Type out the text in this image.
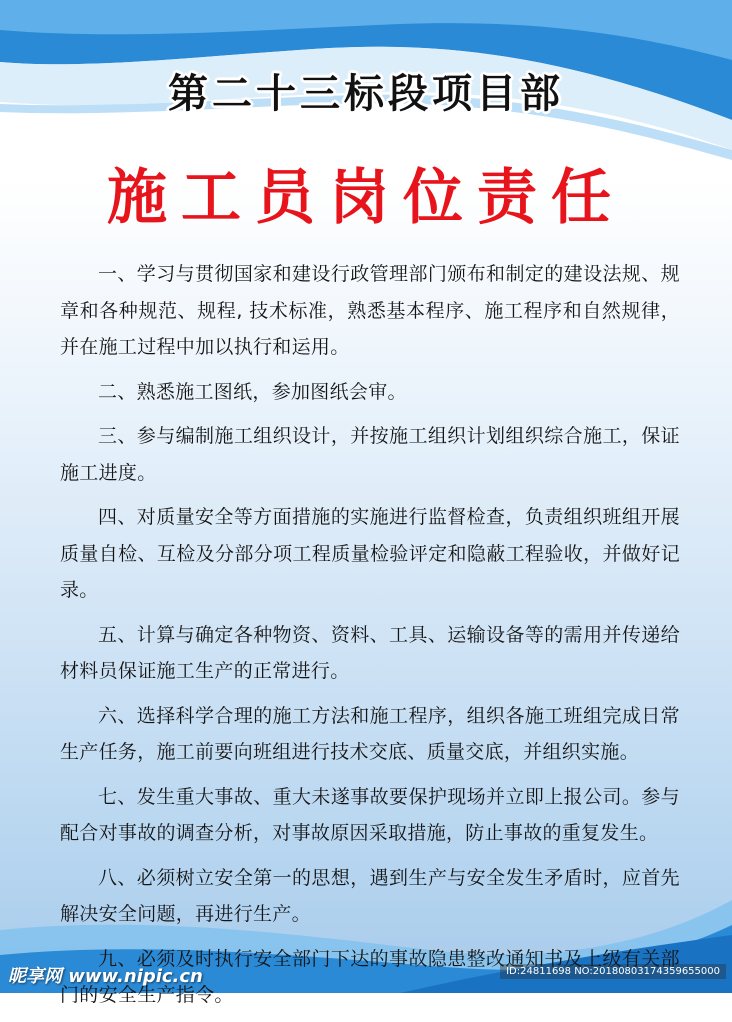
第二十三标段项目部
施工员岗位责任

一、学习与贯彻国家和建设行政管理部门颁布和制定的建设法规、规章和各种规范、规程, 技术标准，熟悉基本程序、施工程序和自然规律，并在施工过程中加以执行和运用。

二、熟悉施工图纸，参加图纸会审。

三、参与编制施工组织设计，并按施工组织计划组织综合施工，保证施工进度。

四、对质量安全等方面措施的实施进行监督检查，负责组织班组开展质量自检、互检及分部分项工程质量检验评定和隐蔽工程验收，并做好记录。

五、计算与确定各种物资、资料、工具、运输设备等的需用并传递给材料员保证施工生产的正常进行。

六、选择科学合理的施工方法和施工程序，组织各施工班组完成日常生产任务，施工前要向班组进行技术交底、质量交底，并组织实施。

七、发生重大事故、重大未遂事故要保护现场并立即上报公司。参与配合对事故的调查分析，对事故原因采取措施，防止事故的重复发生。

八、必须树立安全第一的思想，遇到生产与安全发生矛盾时，应首先解决安全问题，再进行生产。

九、必须及时执行安全部门下达的事故隐患整改通知书及上级有关部门的安全生产指令。

昵享网 www.nipic.cn	ID:24811698 NO:20180803174359655000
